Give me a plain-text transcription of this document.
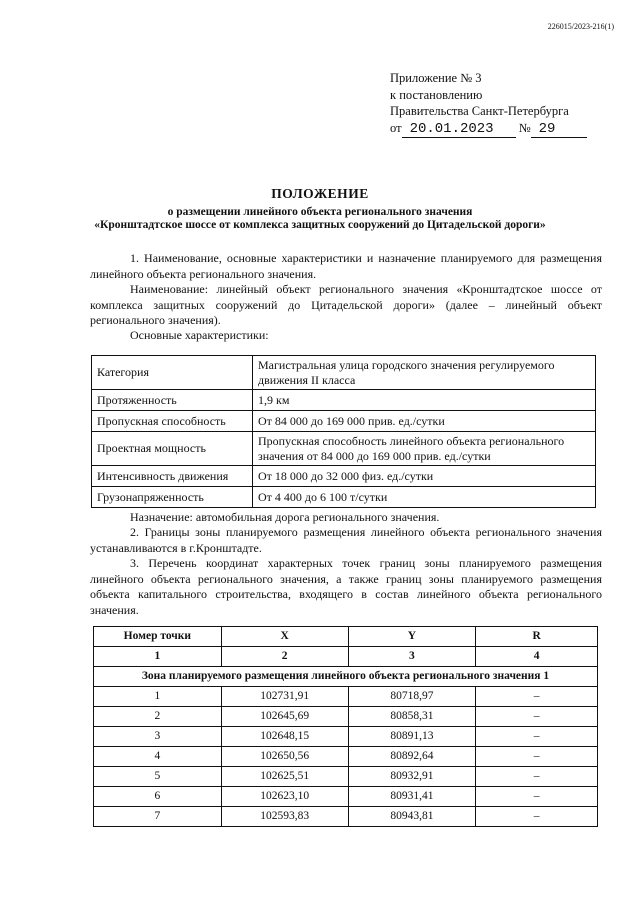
226015/2023-216(1)
Приложение № 3
к постановлению
Правительства Санкт-Петербурга
от 20.01.2023 № 29
ПОЛОЖЕНИЕ
о размещении линейного объекта регионального значения
«Кронштадтское шоссе от комплекса защитных сооружений до Цитадельской дороги»
1. Наименование, основные характеристики и назначение планируемого для размещения линейного объекта регионального значения.
Наименование: линейный объект регионального значения «Кронштадтское шоссе от комплекса защитных сооружений до Цитадельской дороги» (далее – линейный объект регионального значения).
Основные характеристики:
Категория	Магистральная улица городского значения регулируемого движения II класса
Протяженность	1,9 км
Пропускная способность	От 84 000 до 169 000 прив. ед./сутки
Проектная мощность	Пропускная способность линейного объекта регионального значения от 84 000 до 169 000 прив. ед./сутки
Интенсивность движения	От 18 000 до 32 000 физ. ед./сутки
Грузонапряженность	От 4 400 до 6 100 т/сутки
Назначение: автомобильная дорога регионального значения.
2. Границы зоны планируемого размещения линейного объекта регионального значения устанавливаются в г.Кронштадте.
3. Перечень координат характерных точек границ зоны планируемого размещения линейного объекта регионального значения, а также границ зоны планируемого размещения объекта капитального строительства, входящего в состав линейного объекта регионального значения.
Номер точки	X	Y	R
1	2	3	4
Зона планируемого размещения линейного объекта регионального значения 1			
1	102731,91	80718,97	–
2	102645,69	80858,31	–
3	102648,15	80891,13	–
4	102650,56	80892,64	–
5	102625,51	80932,91	–
6	102623,10	80931,41	–
7	102593,83	80943,81	–
